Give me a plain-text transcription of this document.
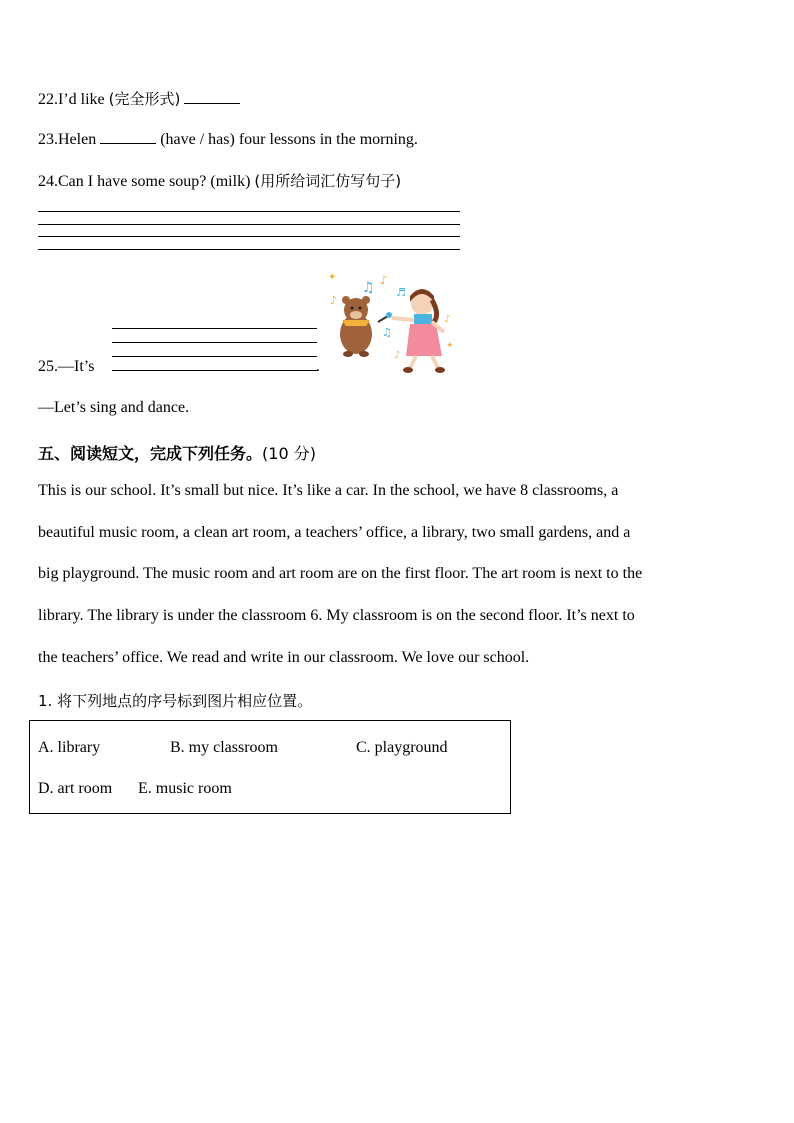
22.I’d like (完全形式)
23.Helen	(have / has) four lessons in the morning.
24.Can I have some soup? (milk) (用所给词汇仿写句子)
25.—It’s	.
—Let’s sing and dance.
♫ ♪
♪
♬
♫
♪
♪
✦
✦
五、阅读短文，完成下列任务。(10 分)
This is our school. It’s small but nice. It’s like a car. In the school, we have 8 classrooms, a
beautiful music room, a clean art room, a teachers’ office, a library, two small gardens, and a
big playground. The music room and art room are on the first floor. The art room is next to the
library. The library is under the classroom 6. My classroom is on the second floor. It’s next to
the teachers’ office. We read and write in our classroom. We love our school.
1. 将下列地点的序号标到图片相应位置。
A. library	B. my classroom	C. playground
D. art room E. music room
